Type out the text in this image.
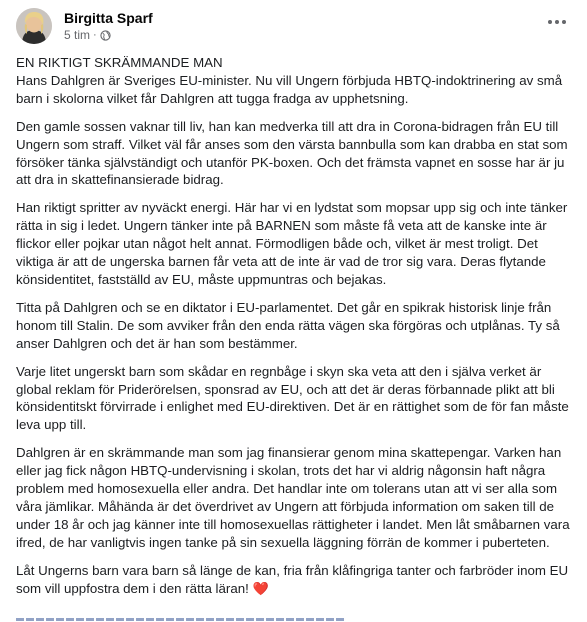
Birgitta Sparf
5 tim ·

EN RIKTIGT SKRÄMMANDE MAN
Hans Dahlgren är Sveriges EU-minister. Nu vill Ungern förbjuda HBTQ-indoktrinering av små barn i skolorna vilket får Dahlgren att tugga fradga av upphetsning.

Den gamle sossen vaknar till liv, han kan medverka till att dra in Corona-bidragen från EU till Ungern som straff. Vilket väl får anses som den värsta bannbulla som kan drabba en stat som försöker tänka självständigt och utanför PK-boxen. Och det främsta vapnet en sosse har är ju att dra in skattefinansierade bidrag.

Han riktigt spritter av nyväckt energi. Här har vi en lydstat som mopsar upp sig och inte tänker rätta in sig i ledet. Ungern tänker inte på BARNEN som måste få veta att de kanske inte är flickor eller pojkar utan något helt annat. Förmodligen både och, vilket är mest troligt. Det viktiga är att de ungerska barnen får veta att de inte är vad de tror sig vara. Deras flytande könsidentitet, fastställd av EU, måste uppmuntras och bejakas.

Titta på Dahlgren och se en diktator i EU-parlamentet. Det går en spikrak historisk linje från honom till Stalin. De som avviker från den enda rätta vägen ska förgöras och utplånas. Ty så anser Dahlgren och det är han som bestämmer.

Varje litet ungerskt barn som skådar en regnbåge i skyn ska veta att den i själva verket är global reklam för Priderörelsen, sponsrad av EU, och att det är deras förbannade plikt att bli könsidentitskt förvirrade i enlighet med EU-direktiven. Det är en rättighet som de för fan måste leva upp till.

Dahlgren är en skrämmande man som jag finansierar genom mina skattepengar. Varken han eller jag fick någon HBTQ-undervisning i skolan, trots det har vi aldrig någonsin haft några problem med homosexuella eller andra. Det handlar inte om tolerans utan att vi ser alla som våra jämlikar. Måhända är det överdrivet av Ungern att förbjuda information om saken till de under 18 år och jag känner inte till homosexuellas rättigheter i landet. Men låt småbarnen vara ifred, de har vanligtvis ingen tanke på sin sexuella läggning förrän de kommer i puberteten.

Låt Ungerns barn vara barn så länge de kan, fria från klåfingriga tanter och farbröder inom EU som vill uppfostra dem i den rätta läran! ❤️
